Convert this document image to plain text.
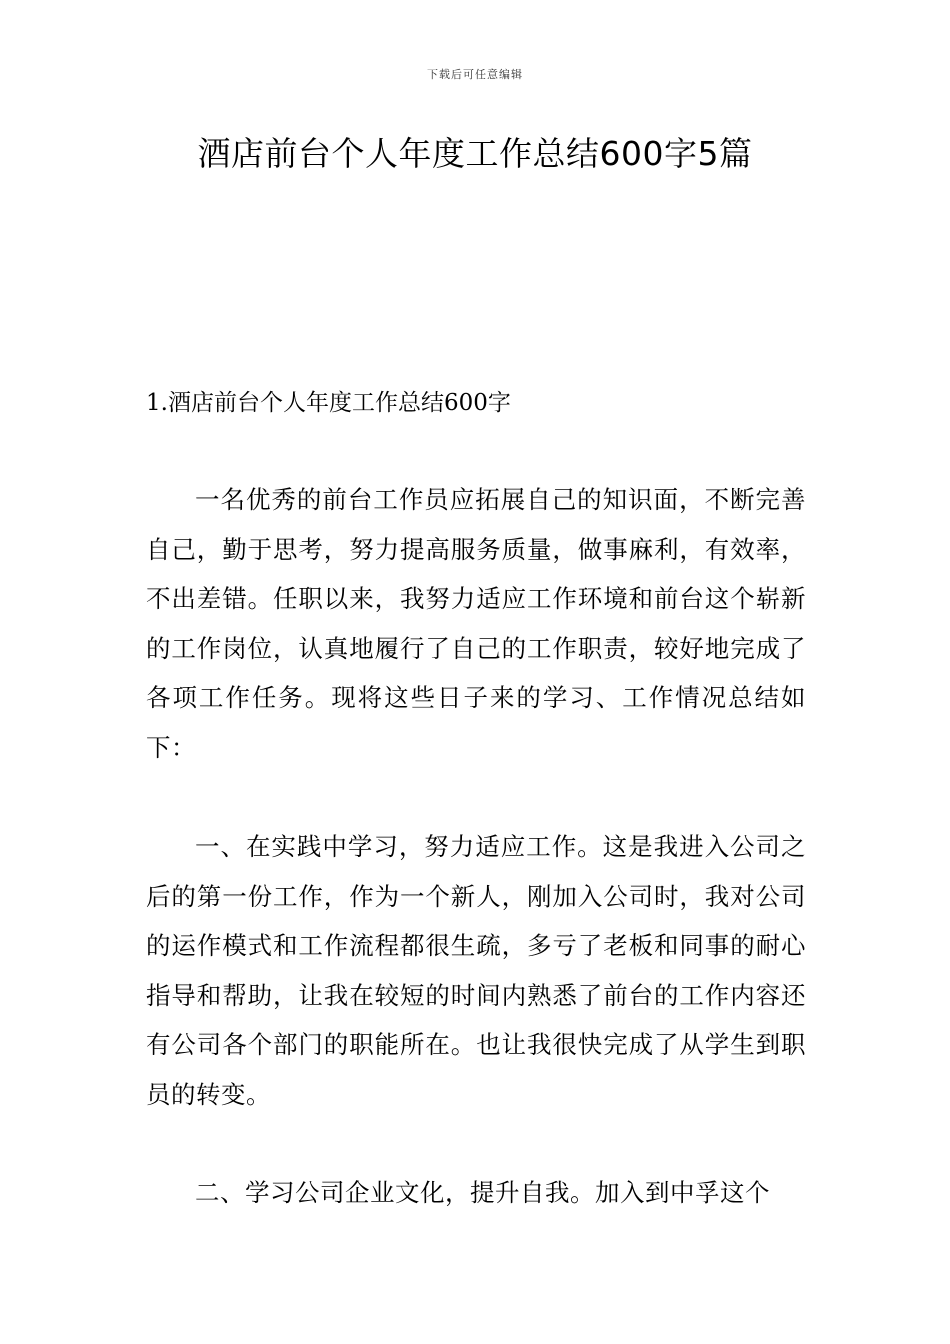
下载后可任意编辑
酒店前台个人年度工作总结600字5篇
1.酒店前台个人年度工作总结600字

一名优秀的前台工作员应拓展自己的知识面，不断完善自己，勤于思考，努力提高服务质量，做事麻利，有效率，不出差错。任职以来，我努力适应工作环境和前台这个崭新的工作岗位，认真地履行了自己的工作职责，较好地完成了各项工作任务。现将这些日子来的学习、工作情况总结如下：

一、在实践中学习，努力适应工作。这是我进入公司之后的第一份工作，作为一个新人，刚加入公司时，我对公司的运作模式和工作流程都很生疏，多亏了老板和同事的耐心指导和帮助，让我在较短的时间内熟悉了前台的工作内容还有公司各个部门的职能所在。也让我很快完成了从学生到职员的转变。

二、学习公司企业文化，提升自我。加入到中孚这个
